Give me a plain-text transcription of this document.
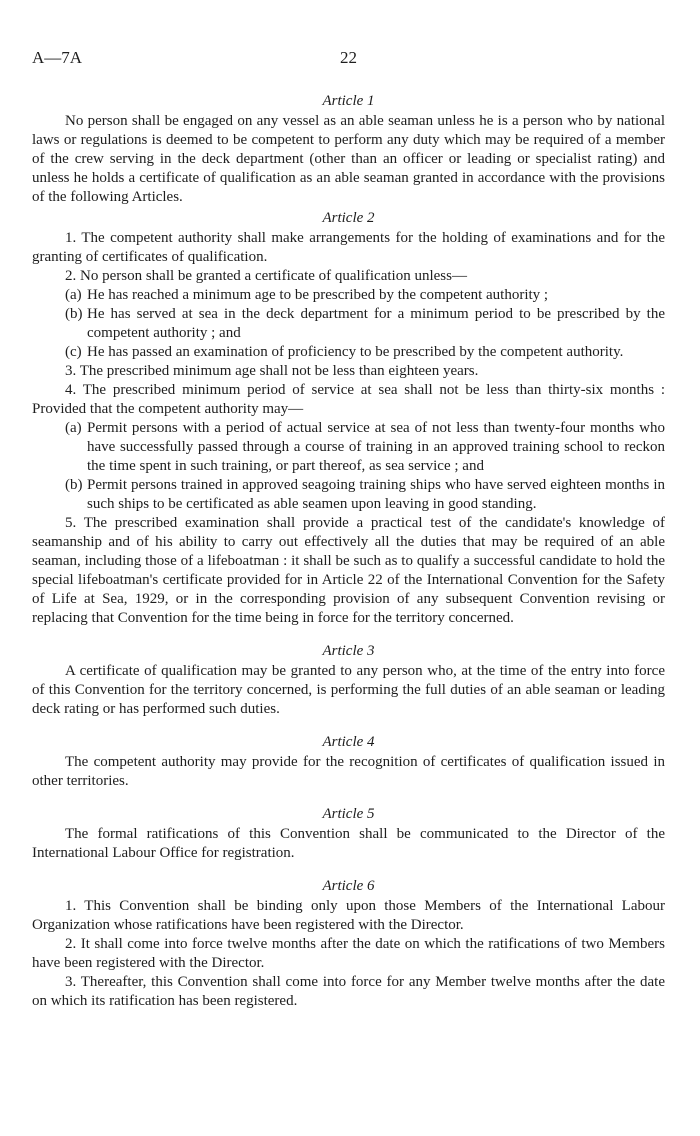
A—7A	22

Article 1

No person shall be engaged on any vessel as an able seaman unless he is a person who by national laws or regulations is deemed to be competent to perform any duty which may be required of a member of the crew serving in the deck department (other than an officer or leading or specialist rating) and unless he holds a certificate of qualification as an able seaman granted in accordance with the provisions of the following Articles.

Article 2

1. The competent authority shall make arrangements for the holding of examinations and for the granting of certificates of qualification.

2. No person shall be granted a certificate of qualification unless—

(a) He has reached a minimum age to be prescribed by the competent authority ;
(b) He has served at sea in the deck department for a minimum period to be prescribed by the competent authority ; and
(c) He has passed an examination of proficiency to be prescribed by the competent authority.

3. The prescribed minimum age shall not be less than eighteen years.

4. The prescribed minimum period of service at sea shall not be less than thirty-six months : Provided that the competent authority may—

(a) Permit persons with a period of actual service at sea of not less than twenty-four months who have successfully passed through a course of training in an approved training school to reckon the time spent in such training, or part thereof, as sea service ; and
(b) Permit persons trained in approved seagoing training ships who have served eighteen months in such ships to be certificated as able seamen upon leaving in good standing.

5. The prescribed examination shall provide a practical test of the candidate's knowledge of seamanship and of his ability to carry out effectively all the duties that may be required of an able seaman, including those of a lifeboatman : it shall be such as to qualify a successful candidate to hold the special lifeboatman's certificate provided for in Article 22 of the International Convention for the Safety of Life at Sea, 1929, or in the corresponding provision of any subsequent Convention revising or replacing that Convention for the time being in force for the territory concerned.

Article 3

A certificate of qualification may be granted to any person who, at the time of the entry into force of this Convention for the territory concerned, is performing the full duties of an able seaman or leading deck rating or has performed such duties.

Article 4

The competent authority may provide for the recognition of certificates of qualification issued in other territories.

Article 5

The formal ratifications of this Convention shall be communicated to the Director of the International Labour Office for registration.

Article 6

1. This Convention shall be binding only upon those Members of the International Labour Organization whose ratifications have been registered with the Director.

2. It shall come into force twelve months after the date on which the ratifications of two Members have been registered with the Director.

3. Thereafter, this Convention shall come into force for any Member twelve months after the date on which its ratification has been registered.
